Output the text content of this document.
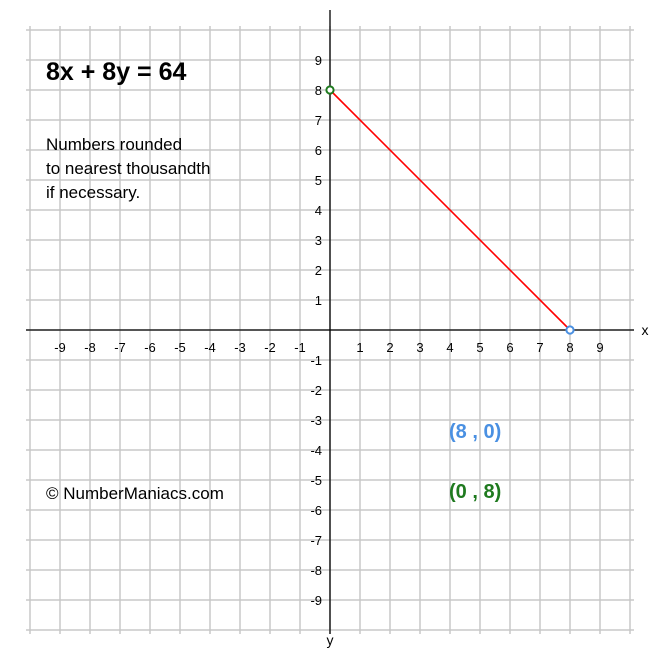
-9 -8 -7 -6 -5 -4 -3 -2 -1	1 2 3 4 5 6 7 8 9
9
8
7
6
5
4
3
2
1
-1
-2
-3
-4
-5
-6
-7
-8
-9
x
y
8x + 8y = 64
Numbers rounded
to nearest thousandth
if necessary.
© NumberManiacs.com
(8 , 0)
(0 , 8)
